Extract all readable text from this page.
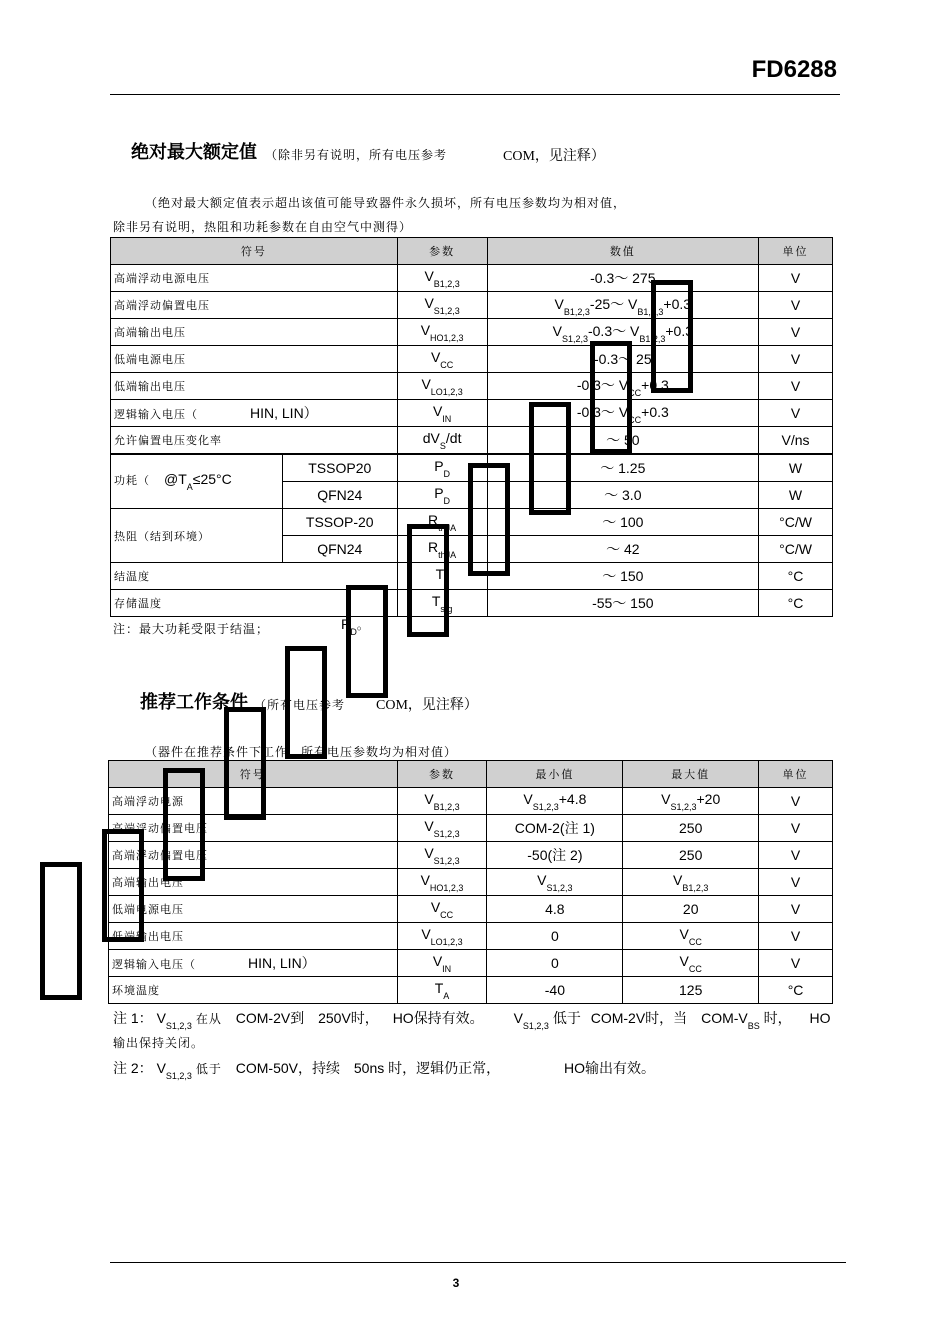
FD6288
绝对最大额定值 （除非另有说明，所有电压参考	COM，见注释）
（绝对最大额定值表示超出该值可能导致器件永久损坏，所有电压参数均为相对值，
除非另有说明，热阻和功耗参数在自由空气中测得）
符号		参数	数值	单位
高端浮动电源电压		$V_{B1,2,3}$	-0.3～ 275	V
高端浮动偏置电压		$V_{S1,2,3}$	$V_{B1,2,3}-25\sim$ $V_{B1,2,3}+0.3$	V
高端输出电压		$V_{HO1,2,3}$	$V_{S1,2,3}-0.3\sim$ $V_{B1,2,3}+0.3$	V
低端电源电压		$V_{CC}$	-0.3～ 25	V
低端输出电压		$V_{LO1,2,3}$	-0.3～ $V_{CC}+0.3$	V
逻辑输入电压（ HIN, LIN）		$V_{IN}$	-0.3～ $V_{CC}+0.3$	V
允许偏置电压变化率		$dV_S/dt$	～ 50	V/ns
功耗（ $@T_A\le 25^\circ C$	TSSOP20	$P_D$	～ 1.25	W
	QFN24	$P_D$	～ 3.0	W
热阻（结到环境）	TSSOP-20	$R_{thJA}$	～ 100	°C/W
	QFN24	$R_{thJA}$	～ 42	°C/W
结温度		$T_J$	～ 150	°C
存储温度		$T_{stg}$	-55～ 150	°C
注：最大功耗受限于结温；	$P_D$。
推荐工作条件 （所有电压参考 COM，见注释）
（器件在推荐条件下工作，所有电压参数均为相对值）
符号	参数	最小值	最大值	单位
高端浮动电源	$V_{B1,2,3}$	$V_{S1,2,3}+4.8$	$V_{S1,2,3}+20$	V
高端浮动偏置电压	$V_{S1,2,3}$	COM-2(注 1)	250	V
高端浮动偏置电压	$V_{S1,2,3}$	-50(注 2)	250	V
高端输出电压	$V_{HO1,2,3}$	$V_{S1,2,3}$	$V_{B1,2,3}$	V
低端电源电压	$V_{CC}$	4.8	20	V
低端输出电压	$V_{LO1,2,3}$	0	$V_{CC}$	V
逻辑输入电压（ HIN, LIN）	$V_{IN}$	0	$V_{CC}$	V
环境温度	$T_A$	-40	125	°C
注 1： $V_{S1,2,3}$ 在从 COM-2V到 250V时， HO保持有效。 $V_{S1,2,3}$ 低于 COM-2V时，当 COM-$V_{BS}$ 时， HO
输出保持关闭。
注 2： $V_{S1,2,3}$ 低于 COM-50V，持续 50ns 时，逻辑仍正常，	HO输出有效。
3
